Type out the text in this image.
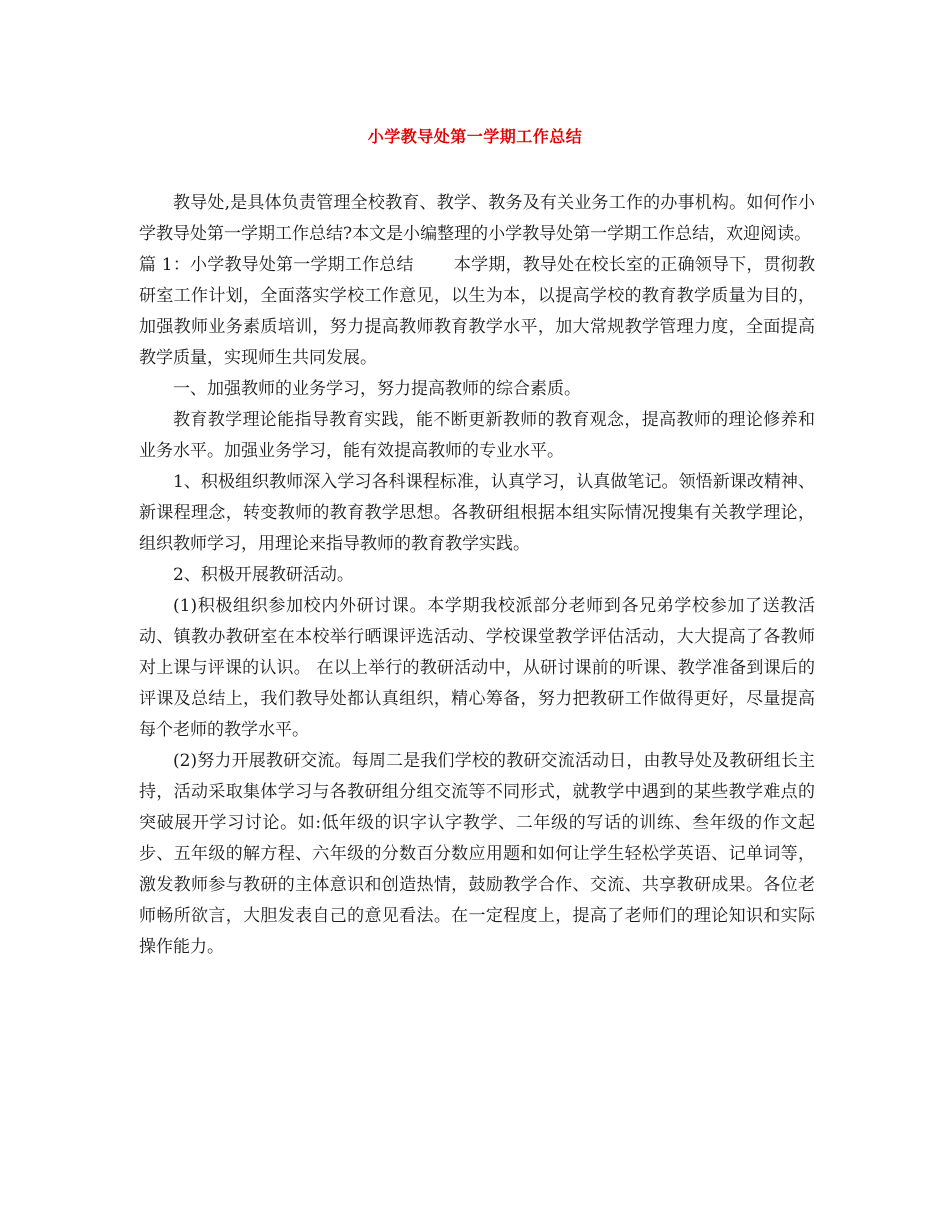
小学教导处第一学期工作总结

教导处,是具体负责管理全校教育、教学、教务及有关业务工作的办事机构。如何作小学教导处第一学期工作总结?本文是小编整理的小学教导处第一学期工作总结，欢迎阅读。

篇 1：小学教导处第一学期工作总结 本学期，教导处在校长室的正确领导下，贯彻教研室工作计划，全面落实学校工作意见，以生为本，以提高学校的教育教学质量为目的，加强教师业务素质培训，努力提高教师教育教学水平，加大常规教学管理力度，全面提高教学质量，实现师生共同发展。

一、加强教师的业务学习，努力提高教师的综合素质。

教育教学理论能指导教育实践，能不断更新教师的教育观念，提高教师的理论修养和业务水平。加强业务学习，能有效提高教师的专业水平。

1、积极组织教师深入学习各科课程标准，认真学习，认真做笔记。领悟新课改精神、新课程理念，转变教师的教育教学思想。各教研组根据本组实际情况搜集有关教学理论，组织教师学习，用理论来指导教师的教育教学实践。

2、积极开展教研活动。

(1)积极组织参加校内外研讨课。本学期我校派部分老师到各兄弟学校参加了送教活动、镇教办教研室在本校举行晒课评选活动、学校课堂教学评估活动，大大提高了各教师对上课与评课的认识。 在以上举行的教研活动中，从研讨课前的听课、教学准备到课后的评课及总结上，我们教导处都认真组织，精心筹备，努力把教研工作做得更好，尽量提高每个老师的教学水平。

(2)努力开展教研交流。每周二是我们学校的教研交流活动日，由教导处及教研组长主持，活动采取集体学习与各教研组分组交流等不同形式，就教学中遇到的某些教学难点的突破展开学习讨论。如:低年级的识字认字教学、二年级的写话的训练、叁年级的作文起步、五年级的解方程、六年级的分数百分数应用题和如何让学生轻松学英语、记单词等，激发教师参与教研的主体意识和创造热情，鼓励教学合作、交流、共享教研成果。各位老师畅所欲言，大胆发表自己的意见看法。在一定程度上，提高了老师们的理论知识和实际操作能力。
